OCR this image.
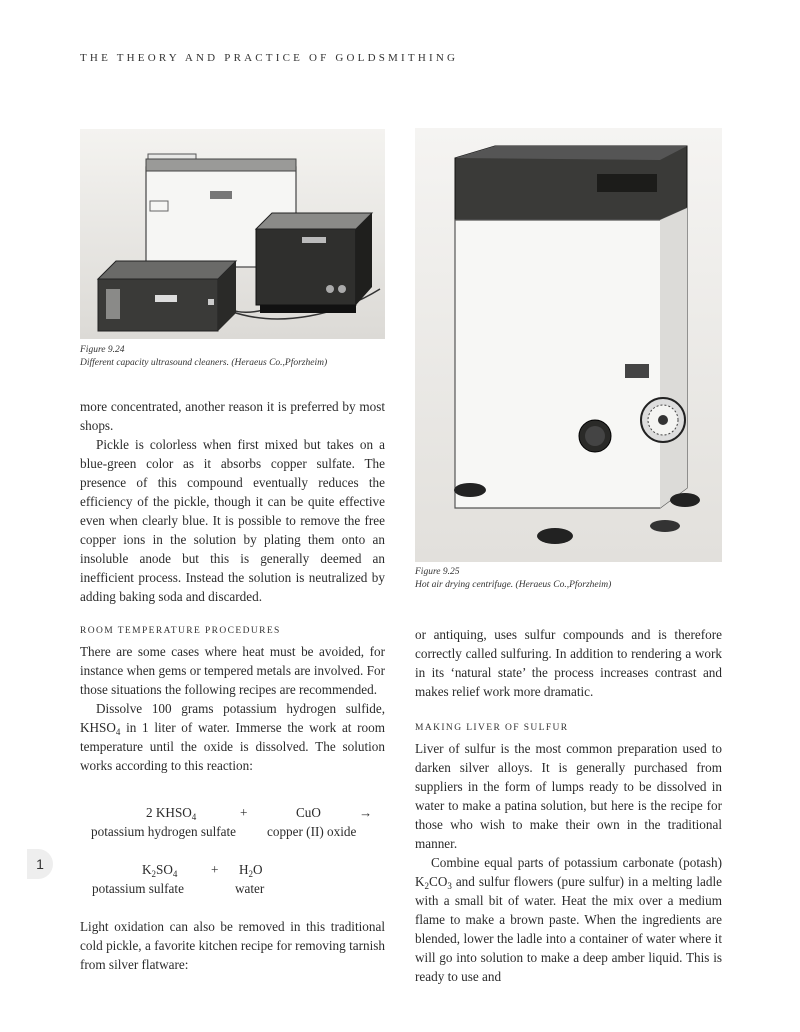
THE THEORY AND PRACTICE OF GOLDSMITHING
Figure 9.24
Different capacity ultrasound cleaners. (Heraeus Co.,Pforzheim)
Figure 9.25
Hot air drying centrifuge. (Heraeus Co.,Pforzheim)

more concentrated, another reason it is preferred by most shops.

Pickle is colorless when first mixed but takes on a blue-green color as it absorbs copper sulfate. The presence of this compound eventually reduces the efficiency of the pickle, though it can be quite effective even when clearly blue. It is possible to remove the free copper ions in the solution by plating them onto an insoluble anode but this is generally deemed an inefficient process. Instead the solution is neutralized by adding baking soda and discarded.

ROOM TEMPERATURE PROCEDURES

There are some cases where heat must be avoided, for instance when gems or tempered metals are involved. For those situations the following recipes are recommended.

Dissolve 100 grams potassium hydrogen sulfide, $KHSO_4$ in 1 liter of water. Immerse the work at room temperature until the oxide is dissolved. The solution works according to this reaction:

2 $KHSO_4$	+	CuO	→
potassium hydrogen sulfate copper (II) oxide
$K_2SO_4$	+ $H_2O$
potassium sulfate	water

Light oxidation can also be removed in this traditional cold pickle, a favorite kitchen recipe for removing tarnish from silver flatware:

or antiquing, uses sulfur compounds and is therefore correctly called sulfuring. In addition to rendering a work in its ‘natural state’ the process increases contrast and makes relief work more dramatic.

MAKING LIVER OF SULFUR

Liver of sulfur is the most common preparation used to darken silver alloys. It is generally purchased from suppliers in the form of lumps ready to be dissolved in water to make a patina solution, but here is the recipe for those who wish to make their own in the traditional manner.

Combine equal parts of potassium carbonate (potash) $K_2CO_3$ and sulfur flowers (pure sulfur) in a melting ladle with a small bit of water. Heat the mix over a medium flame to make a brown paste. When the ingredients are blended, lower the ladle into a container of water where it will go into solution to make a deep amber liquid. This is ready to use and

1
